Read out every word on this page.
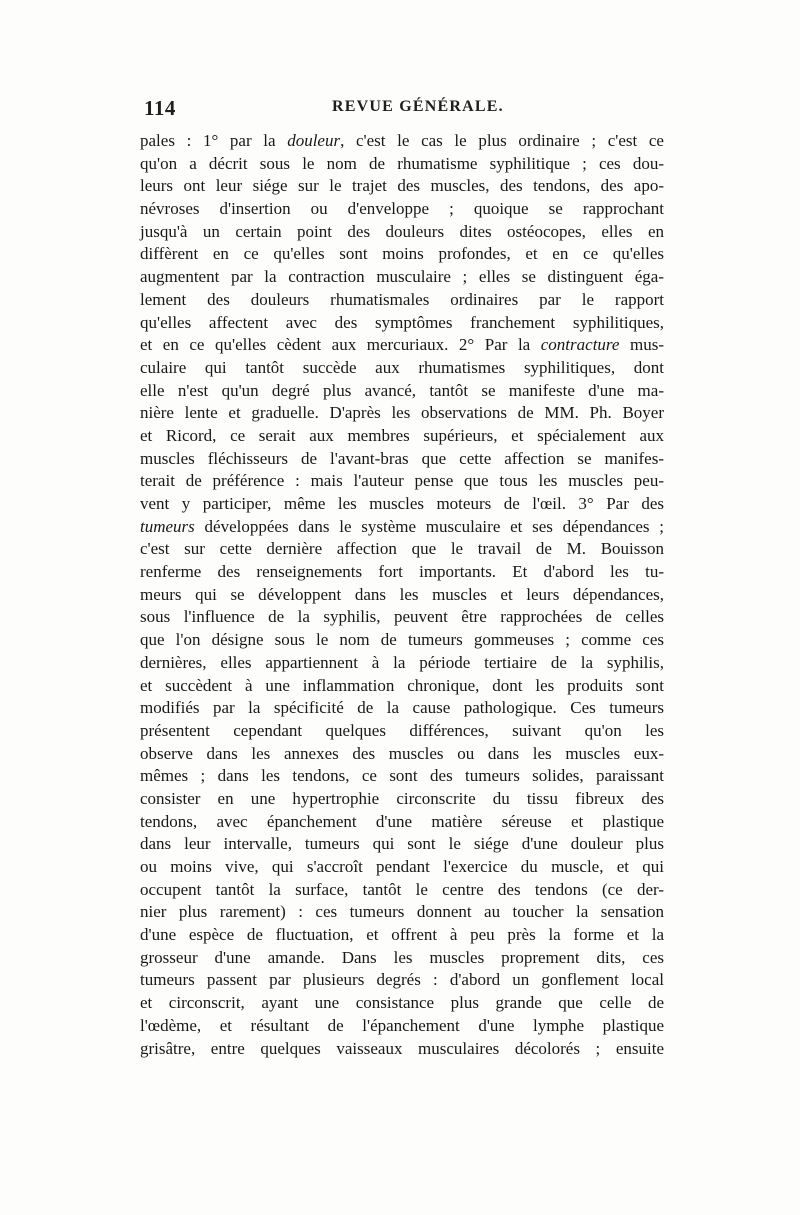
114	REVUE GÉNÉRALE.
pales : 1° par la douleur, c'est le cas le plus ordinaire ; c'est ce
qu'on a décrit sous le nom de rhumatisme syphilitique ; ces dou-
leurs ont leur siége sur le trajet des muscles, des tendons, des apo-
névroses d'insertion ou d'enveloppe ; quoique se rapprochant
jusqu'à un certain point des douleurs dites ostéocopes, elles en
diffèrent en ce qu'elles sont moins profondes, et en ce qu'elles
augmentent par la contraction musculaire ; elles se distinguent éga-
lement des douleurs rhumatismales ordinaires par le rapport
qu'elles affectent avec des symptômes franchement syphilitiques,
et en ce qu'elles cèdent aux mercuriaux. 2° Par la contracture mus-
culaire qui tantôt succède aux rhumatismes syphilitiques, dont
elle n'est qu'un degré plus avancé, tantôt se manifeste d'une ma-
nière lente et graduelle. D'après les observations de MM. Ph. Boyer
et Ricord, ce serait aux membres supérieurs, et spécialement aux
muscles fléchisseurs de l'avant-bras que cette affection se manifes-
terait de préférence : mais l'auteur pense que tous les muscles peu-
vent y participer, même les muscles moteurs de l'œil. 3° Par des
tumeurs développées dans le système musculaire et ses dépendances ;
c'est sur cette dernière affection que le travail de M. Bouisson
renferme des renseignements fort importants. Et d'abord les tu-
meurs qui se développent dans les muscles et leurs dépendances,
sous l'influence de la syphilis, peuvent être rapprochées de celles
que l'on désigne sous le nom de tumeurs gommeuses ; comme ces
dernières, elles appartiennent à la période tertiaire de la syphilis,
et succèdent à une inflammation chronique, dont les produits sont
modifiés par la spécificité de la cause pathologique. Ces tumeurs
présentent cependant quelques différences, suivant qu'on les
observe dans les annexes des muscles ou dans les muscles eux-
mêmes ; dans les tendons, ce sont des tumeurs solides, paraissant
consister en une hypertrophie circonscrite du tissu fibreux des
tendons, avec épanchement d'une matière séreuse et plastique
dans leur intervalle, tumeurs qui sont le siége d'une douleur plus
ou moins vive, qui s'accroît pendant l'exercice du muscle, et qui
occupent tantôt la surface, tantôt le centre des tendons (ce der-
nier plus rarement) : ces tumeurs donnent au toucher la sensation
d'une espèce de fluctuation, et offrent à peu près la forme et la
grosseur d'une amande. Dans les muscles proprement dits, ces
tumeurs passent par plusieurs degrés : d'abord un gonflement local
et circonscrit, ayant une consistance plus grande que celle de
l'œdème, et résultant de l'épanchement d'une lymphe plastique
grisâtre, entre quelques vaisseaux musculaires décolorés ; ensuite
